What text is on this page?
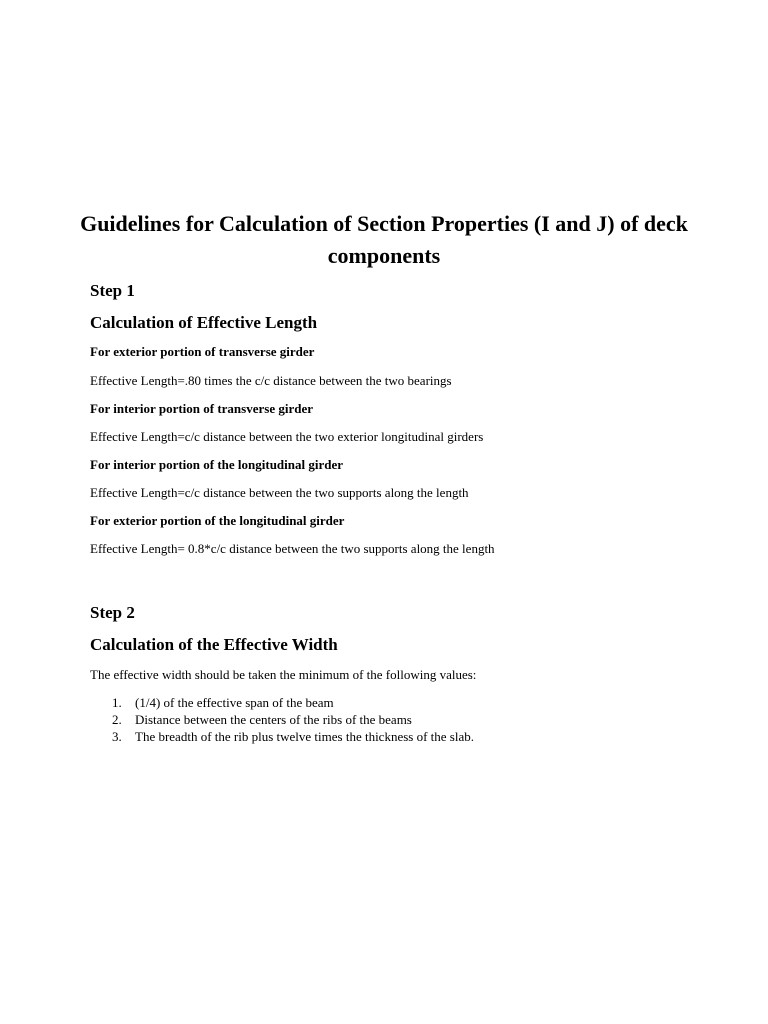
Guidelines for Calculation of Section Properties (I and J) of deck components
Step 1
Calculation of Effective Length

For exterior portion of transverse girder

Effective Length=.80 times the c/c distance between the two bearings

For interior portion of transverse girder

Effective Length=c/c distance between the two exterior longitudinal girders

For interior portion of the longitudinal girder

Effective Length=c/c distance between the two supports along the length

For exterior portion of the longitudinal girder

Effective Length= 0.8*c/c distance between the two supports along the length

Step 2
Calculation of the Effective Width

The effective width should be taken the minimum of the following values:

1. (1/4) of the effective span of the beam
2. Distance between the centers of the ribs of the beams
3. The breadth of the rib plus twelve times the thickness of the slab.
